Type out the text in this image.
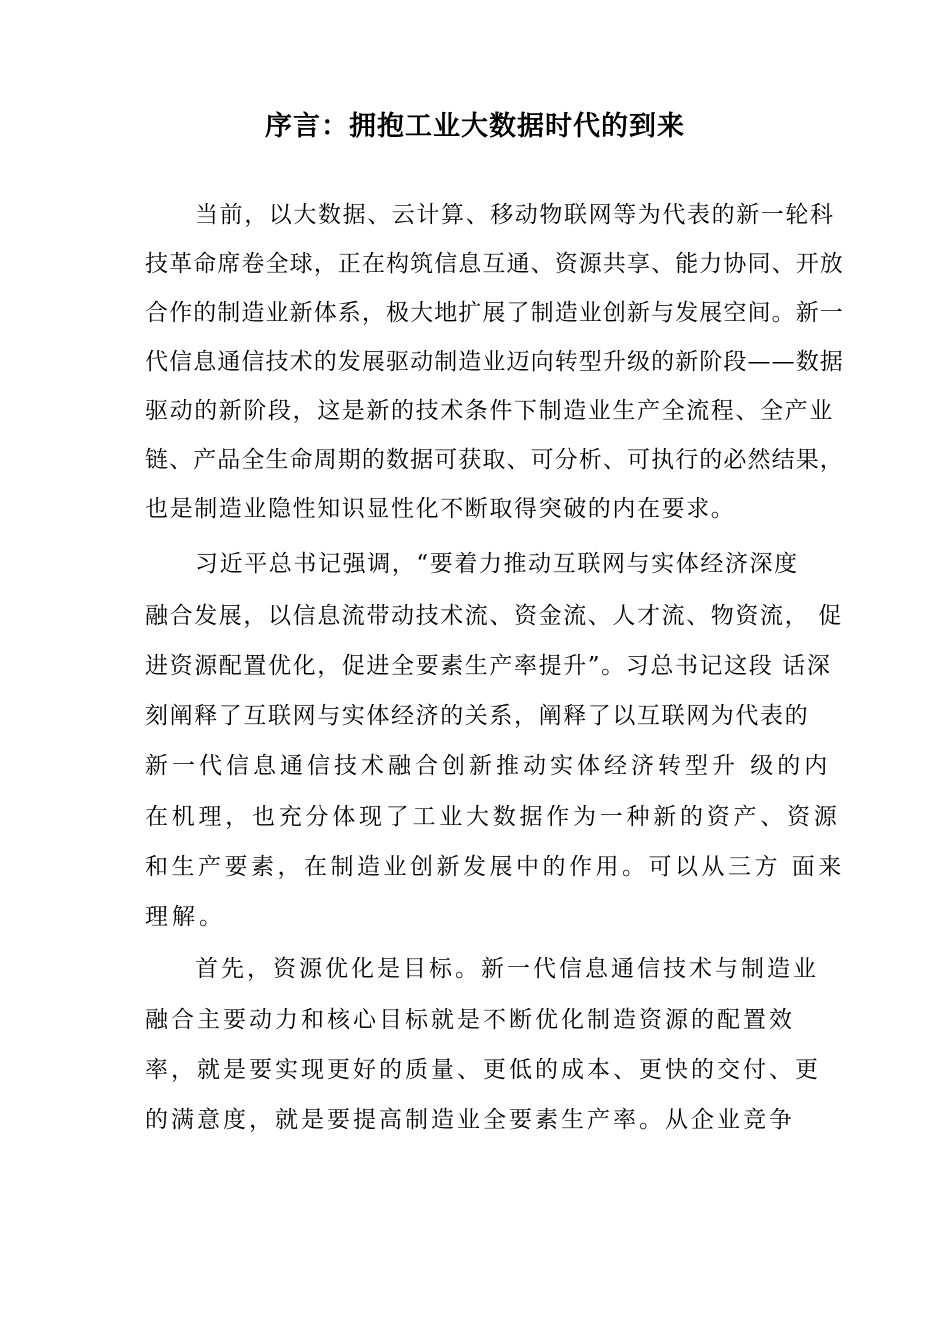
序言：拥抱工业大数据时代的到来
当前，以大数据、云计算、移动物联网等为代表的新一轮科
技革命席卷全球，正在构筑信息互通、资源共享、能力协同、开放
合作的制造业新体系，极大地扩展了制造业创新与发展空间。新一
代信息通信技术的发展驱动制造业迈向转型升级的新阶段——数据
驱动的新阶段，这是新的技术条件下制造业生产全流程、全产业
链、产品全生命周期的数据可获取、可分析、可执行的必然结果，
也是制造业隐性知识显性化不断取得突破的内在要求。
习近平总书记强调，“要着力推动互联网与实体经济深度
融合发展，以信息流带动技术流、资金流、人才流、物资流， 促
进资源配置优化，促进全要素生产率提升”。习总书记这段 话深
刻阐释了互联网与实体经济的关系，阐释了以互联网为代表的
新一代信息通信技术融合创新推动实体经济转型升 级的内
在机理，也充分体现了工业大数据作为一种新的资产、资源
和生产要素，在制造业创新发展中的作用。可以从三方 面来
理解。
首先，资源优化是目标。新一代信息通信技术与制造业
融合主要动力和核心目标就是不断优化制造资源的配置效
率，就是要实现更好的质量、更低的成本、更快的交付、更
的满意度，就是要提高制造业全要素生产率。从企业竞争
